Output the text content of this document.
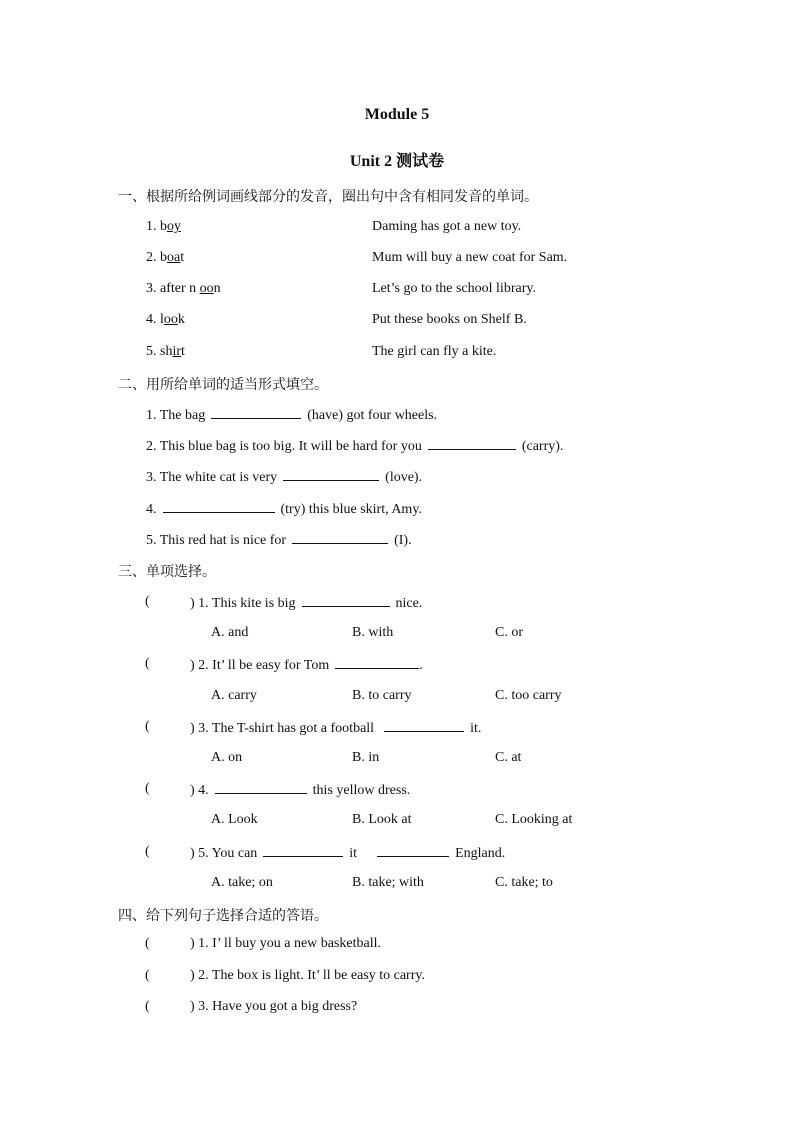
Module 5
Unit 2 测试卷
一、根据所给例词画线部分的发音，圈出句中含有相同发音的单词。
1. boy	Daming has got a new toy.
2. boat	Mum will buy a new coat for Sam.
3. after n oon	Let’s go to the school library.
4. look	Put these books on Shelf B.
5. shirt	The girl can fly a kite.
二、用所给单词的适当形式填空。
1. The bag	(have) got four wheels.
2. This blue bag is too big. It will be hard for you	(carry).
3. The white cat is very	(love).
4.	(try) this blue skirt, Amy.
5. This red hat is nice for	(I).
三、单项选择。
(	) 1. This kite is big	nice.
A. and	B. with	C. or
(	) 2. It’ ll be easy for Tom	.
A. carry	B. to carry	C. too carry
(	) 3. The T-shirt has got a football	it.
A. on	B. in	C. at
(	) 4.	this yellow dress.
A. Look	B. Look at	C. Looking at
(	) 5. You can	it	England.
A. take; on	B. take; with	C. take; to
四、给下列句子选择合适的答语。
(	) 1. I’ ll buy you a new basketball.
(	) 2. The box is light. It’ ll be easy to carry.
(	) 3. Have you got a big dress?
